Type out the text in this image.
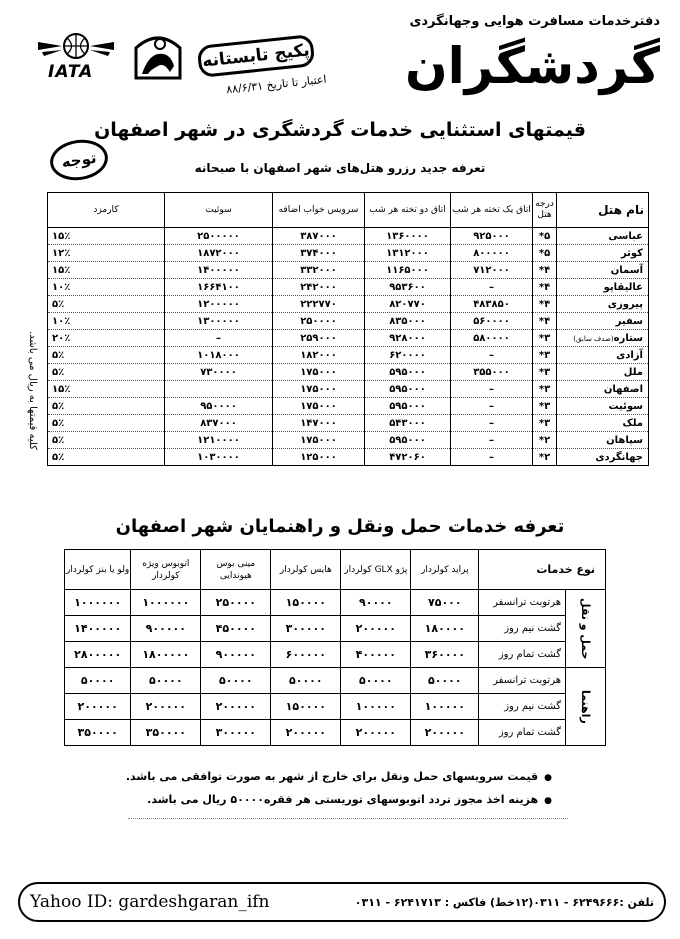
دفترخدمات مسافرت هوایی وجهانگردی
گردشگران
IATA
پکیج تابستانه
اعتبار تا تاریخ ۸۸/۶/۳۱
قیمتهای استثنایی خدمات گردشگری در شهر اصفهان
توجه	تعرفه جدید رزرو هتل‌های شهر اصفهان با صبحانه
کلیه قیمتها به ریال می باشد.
نام هتل	درجه هتل	اتاق یک تخته هر شب	اتاق دو تخته هر شب	سرویس خواب اضافه	سوئیت	کارمزد
عباسی	۵*	۹۲۵۰۰۰	۱۳۶۰۰۰۰	۳۸۷۰۰۰	۲۵۰۰۰۰۰	۱۵٪
کوثر	۵*	۸۰۰۰۰۰	۱۳۱۲۰۰۰	۳۷۴۰۰۰	۱۸۷۲۰۰۰	۱۲٪
آسمان	۴*	۷۱۲۰۰۰	۱۱۶۵۰۰۰	۳۳۲۰۰۰	۱۴۰۰۰۰۰	۱۵٪
عالیقاپو	۴*	–	۹۵۳۶۰۰	۲۴۲۰۰۰	۱۶۶۴۱۰۰	۱۰٪
پیروزی	۴*	۴۸۳۸۵۰	۸۲۰۷۷۰	۲۲۲۷۷۰	۱۲۰۰۰۰۰	۵٪
سفیر	۴*	۵۶۰۰۰۰	۸۳۵۰۰۰	۲۵۰۰۰۰	۱۳۰۰۰۰۰	۱۰٪
ستاره(صدف سابق)	۳*	۵۸۰۰۰۰	۹۲۸۰۰۰	۲۵۹۰۰۰	–	۲۰٪
آزادی	۳*	–	۶۲۰۰۰۰	۱۸۲۰۰۰	۱۰۱۸۰۰۰	۵٪
ملل	۳*	۳۵۵۰۰۰	۵۹۵۰۰۰	۱۷۵۰۰۰	۷۳۰۰۰۰	۵٪
اصفهان	۳*	–	۵۹۵۰۰۰	۱۷۵۰۰۰		۱۵٪
سوئیت	۳*	–	۵۹۵۰۰۰	۱۷۵۰۰۰	۹۵۰۰۰۰	۵٪
ملک	۳*	–	۵۴۳۰۰۰	۱۴۷۰۰۰	۸۳۷۰۰۰	۵٪
سپاهان	۲*	–	۵۹۵۰۰۰	۱۷۵۰۰۰	۱۲۱۰۰۰۰	۵٪
جهانگردی	۲*	–	۴۷۲۰۶۰	۱۲۵۰۰۰	۱۰۳۰۰۰۰	۵٪
تعرفه خدمات حمل ونقل و راهنمایان شهر اصفهان
نوع خدمات		پراید کولردار	پژو GLX کولردار	هایس کولردار	مینی بوس هیوندایی	اتوبوس ویژه کولردار	ولو یا بنز کولردار
حمل و نقل	هرتوبت ترانسفر	۷۵۰۰۰	۹۰۰۰۰	۱۵۰۰۰۰	۲۵۰۰۰۰	۱۰۰۰۰۰۰	۱۰۰۰۰۰۰
	گشت نیم روز	۱۸۰۰۰۰	۲۰۰۰۰۰	۳۰۰۰۰۰	۴۵۰۰۰۰	۹۰۰۰۰۰	۱۴۰۰۰۰۰
	گشت تمام روز	۳۶۰۰۰۰	۴۰۰۰۰۰	۶۰۰۰۰۰	۹۰۰۰۰۰	۱۸۰۰۰۰۰	۲۸۰۰۰۰۰
راهنما	هرتوبت ترانسفر	۵۰۰۰۰	۵۰۰۰۰	۵۰۰۰۰	۵۰۰۰۰	۵۰۰۰۰	۵۰۰۰۰
	گشت نیم روز	۱۰۰۰۰۰	۱۰۰۰۰۰	۱۵۰۰۰۰	۲۰۰۰۰۰	۲۰۰۰۰۰	۲۰۰۰۰۰
	گشت تمام روز	۲۰۰۰۰۰	۲۰۰۰۰۰	۲۰۰۰۰۰	۳۰۰۰۰۰	۳۵۰۰۰۰	۳۵۰۰۰۰
● قیمت سرویسهای حمل ونقل برای خارج از شهر به صورت توافقی می باشد.
● هزینه اخذ مجوز تردد اتوبوسهای توریستی هر فقره۵۰۰۰۰ ریال می باشد.
Yahoo ID: gardeshgaran_ifn	تلفن :۶۲۴۹۶۶۶ - ۰۳۱۱(۱۲خط) فاکس : ۶۲۴۱۷۱۳ - ۰۳۱۱
